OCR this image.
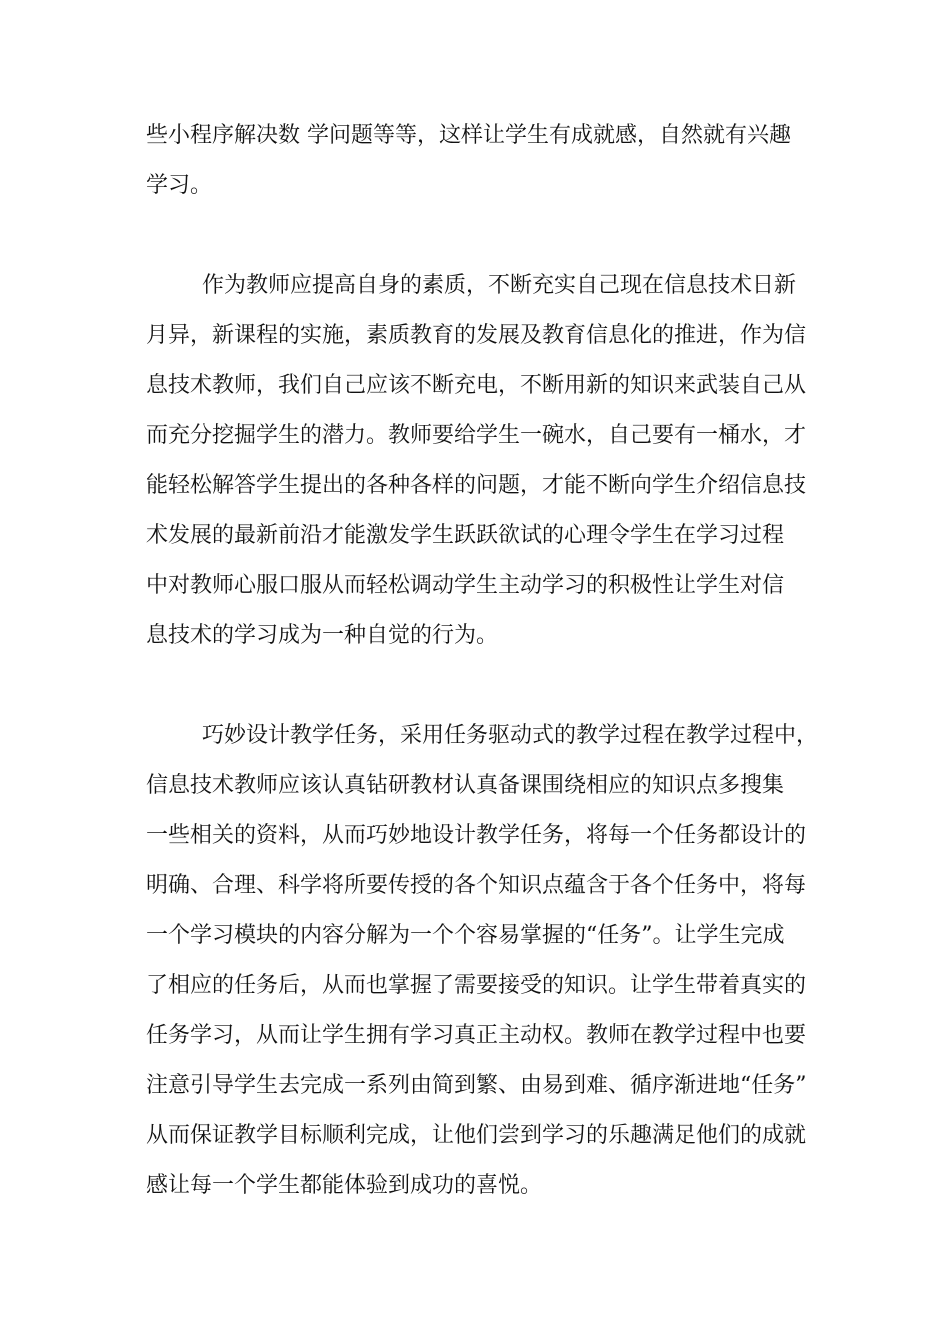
些小程序解决数 学问题等等，这样让学生有成就感，自然就有兴趣
学习。
作为教师应提高自身的素质，不断充实自己现在信息技术日新
月异，新课程的实施，素质教育的发展及教育信息化的推进，作为信
息技术教师，我们自己应该不断充电，不断用新的知识来武装自己从
而充分挖掘学生的潜力。教师要给学生一碗水，自己要有一桶水，才
能轻松解答学生提出的各种各样的问题，才能不断向学生介绍信息技
术发展的最新前沿才能激发学生跃跃欲试的心理令学生在学习过程
中对教师心服口服从而轻松调动学生主动学习的积极性让学生对信
息技术的学习成为一种自觉的行为。
巧妙设计教学任务，采用任务驱动式的教学过程在教学过程中，
信息技术教师应该认真钻研教材认真备课围绕相应的知识点多搜集
一些相关的资料，从而巧妙地设计教学任务，将每一个任务都设计的
明确、合理、科学将所要传授的各个知识点蕴含于各个任务中，将每
一个学习模块的内容分解为一个个容易掌握的“任务”。让学生完成
了相应的任务后，从而也掌握了需要接受的知识。让学生带着真实的
任务学习，从而让学生拥有学习真正主动权。教师在教学过程中也要
注意引导学生去完成一系列由简到繁、由易到难、循序渐进地“任务”
从而保证教学目标顺利完成，让他们尝到学习的乐趣满足他们的成就
感让每一个学生都能体验到成功的喜悦。
